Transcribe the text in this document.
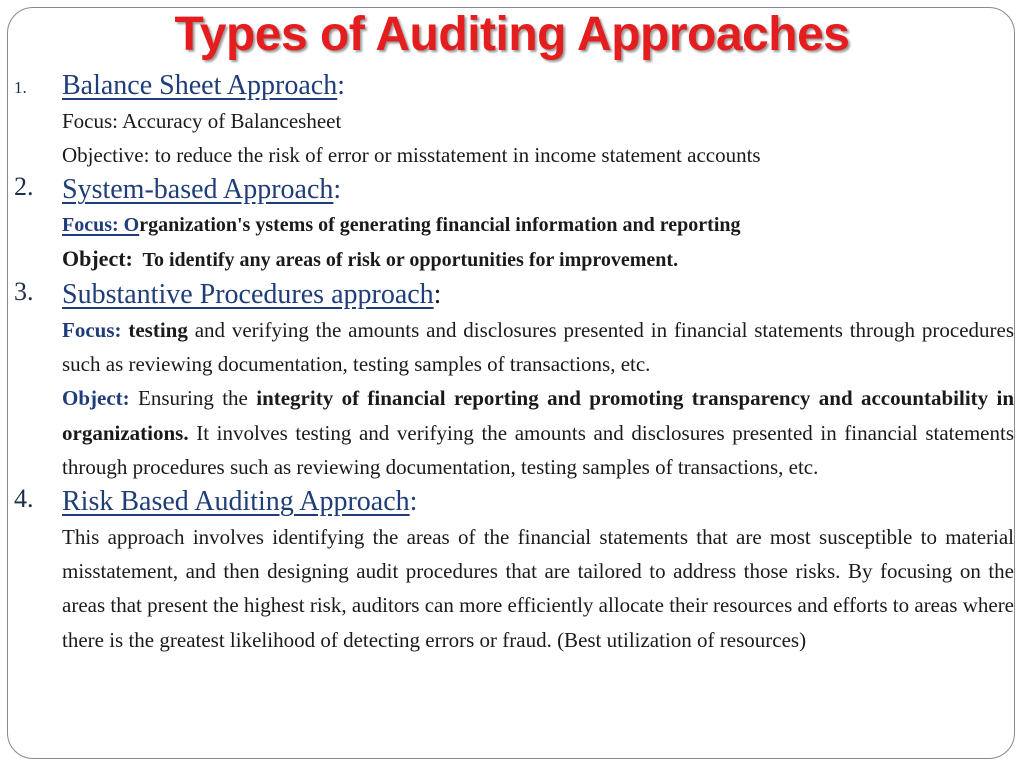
Types of Auditing Approaches
1. Balance Sheet Approach:
Focus: Accuracy of Balancesheet
Objective: to reduce the risk of error or misstatement in income statement accounts
2. System-based Approach:
Focus: Organization's ystems of generating financial information and reporting
Object: To identify any areas of risk or opportunities for improvement.
3. Substantive Procedures approach:
Focus: testing and verifying the amounts and disclosures presented in financial statements through procedures such as reviewing documentation, testing samples of transactions, etc.
Object: Ensuring the integrity of financial reporting and promoting transparency and accountability in organizations. It involves testing and verifying the amounts and disclosures presented in financial statements through procedures such as reviewing documentation, testing samples of transactions, etc.
4. Risk Based Auditing Approach:
This approach involves identifying the areas of the financial statements that are most susceptible to material misstatement, and then designing audit procedures that are tailored to address those risks. By focusing on the areas that present the highest risk, auditors can more efficiently allocate their resources and efforts to areas where there is the greatest likelihood of detecting errors or fraud. (Best utilization of resources)
